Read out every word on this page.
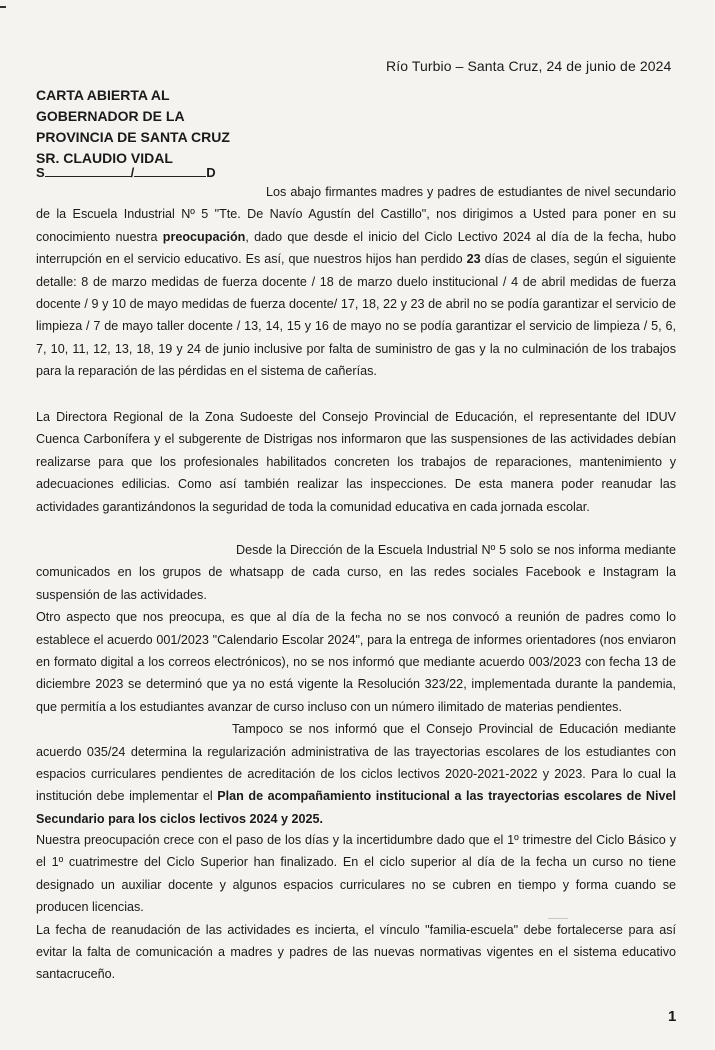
Río Turbio – Santa Cruz, 24 de junio de 2024
CARTA ABIERTA AL
GOBERNADOR DE LA
PROVINCIA DE SANTA CRUZ
SR. CLAUDIO VIDAL
S	/	D

Los abajo firmantes madres y padres de estudiantes de nivel secundario de la Escuela Industrial Nº 5 "Tte. De Navío Agustín del Castillo", nos dirigimos a Usted para poner en su conocimiento nuestra preocupación, dado que desde el inicio del Ciclo Lectivo 2024 al día de la fecha, hubo interrupción en el servicio educativo. Es así, que nuestros hijos han perdido 23 días de clases, según el siguiente detalle: 8 de marzo medidas de fuerza docente / 18 de marzo duelo institucional / 4 de abril medidas de fuerza docente / 9 y 10 de mayo medidas de fuerza docente/ 17, 18, 22 y 23 de abril no se podía garantizar el servicio de limpieza / 7 de mayo taller docente / 13, 14, 15 y 16 de mayo no se podía garantizar el servicio de limpieza / 5, 6, 7, 10, 11, 12, 13, 18, 19 y 24 de junio inclusive por falta de suministro de gas y la no culminación de los trabajos para la reparación de las pérdidas en el sistema de cañerías.

La Directora Regional de la Zona Sudoeste del Consejo Provincial de Educación, el representante del IDUV Cuenca Carbonífera y el subgerente de Distrigas nos informaron que las suspensiones de las actividades debían realizarse para que los profesionales habilitados concreten los trabajos de reparaciones, mantenimiento y adecuaciones edilicias. Como así también realizar las inspecciones. De esta manera poder reanudar las actividades garantizándonos la seguridad de toda la comunidad educativa en cada jornada escolar.

Desde la Dirección de la Escuela Industrial Nº 5 solo se nos informa mediante comunicados en los grupos de whatsapp de cada curso, en las redes sociales Facebook e Instagram la suspensión de las actividades.

Otro aspecto que nos preocupa, es que al día de la fecha no se nos convocó a reunión de padres como lo establece el acuerdo 001/2023 "Calendario Escolar 2024", para la entrega de informes orientadores (nos enviaron en formato digital a los correos electrónicos), no se nos informó que mediante acuerdo 003/2023 con fecha 13 de diciembre 2023 se determinó que ya no está vigente la Resolución 323/22, implementada durante la pandemia, que permitía a los estudiantes avanzar de curso incluso con un número ilimitado de materias pendientes.

Tampoco se nos informó que el Consejo Provincial de Educación mediante acuerdo 035/24 determina la regularización administrativa de las trayectorias escolares de los estudiantes con espacios curriculares pendientes de acreditación de los ciclos lectivos 2020-2021-2022 y 2023. Para lo cual la institución debe implementar el Plan de acompañamiento institucional a las trayectorias escolares de Nivel Secundario para los ciclos lectivos 2024 y 2025.

Nuestra preocupación crece con el paso de los días y la incertidumbre dado que el 1º trimestre del Ciclo Básico y el 1º cuatrimestre del Ciclo Superior han finalizado. En el ciclo superior al día de la fecha un curso no tiene designado un auxiliar docente y algunos espacios curriculares no se cubren en tiempo y forma cuando se producen licencias.

La fecha de reanudación de las actividades es incierta, el vínculo "familia-escuela" debe fortalecerse para así evitar la falta de comunicación a madres y padres de las nuevas normativas vigentes en el sistema educativo santacruceño.

1
